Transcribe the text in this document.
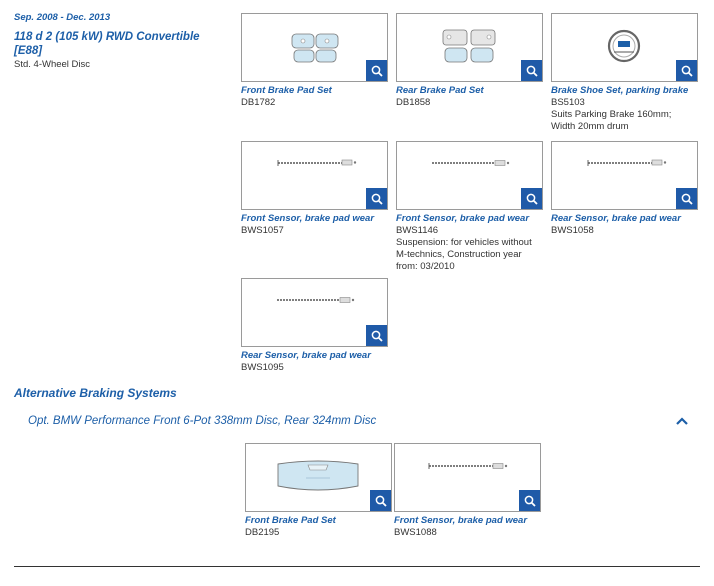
Sep. 2008 - Dec. 2013
118 d 2 (105 kW) RWD Convertible [E88]
Std. 4-Wheel Disc
Front Brake Pad Set
DB1782
Rear Brake Pad Set
DB1858
Brake Shoe Set, parking brake
BS5103
Suits Parking Brake 160mm; Width 20mm drum
Front Sensor, brake pad wear
BWS1057
Front Sensor, brake pad wear
BWS1146
Suspension: for vehicles without M-technics, Construction year from: 03/2010
Rear Sensor, brake pad wear
BWS1058
Rear Sensor, brake pad wear
BWS1095
Alternative Braking Systems
Opt. BMW Performance Front 6-Pot 338mm Disc, Rear 324mm Disc
Front Brake Pad Set
DB2195
Front Sensor, brake pad wear
BWS1088
